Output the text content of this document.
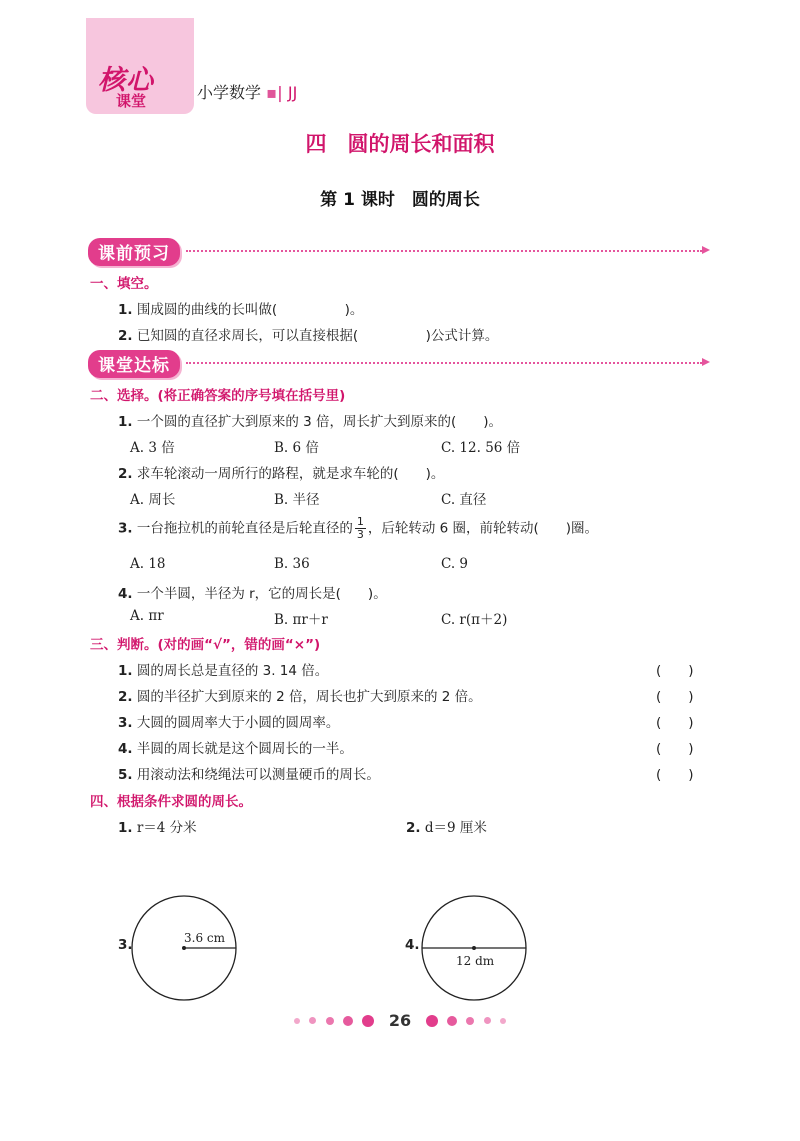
核心
课堂	小学数学 ▪| JJ
四　圆的周长和面积
第 1 课时　圆的周长
课前预习
一、填空。
1. 围成圆的曲线的长叫做(　　　　　)。
2. 已知圆的直径求周长，可以直接根据(　　　　　)公式计算。
课堂达标
二、选择。(将正确答案的序号填在括号里)
1. 一个圆的直径扩大到原来的 3 倍，周长扩大到原来的(　　)。
A. 3 倍	B. 6 倍	C. 12. 56 倍
2. 求车轮滚动一周所行的路程，就是求车轮的(　　)。
A. 周长	B. 半径	C. 直径
3. 一台拖拉机的前轮直径是后轮直径的 $\frac{1}{3}$ ，后轮转动 6 圈，前轮转动(　　)圈。
A. 18	B. 36	C. 9
4. 一个半圆，半径为 r，它的周长是(　　)。
A. πr	B. πr＋r	C. r(π＋2)
三、判断。(对的画“√”，错的画“×”)
1. 圆的周长总是直径的 3. 14 倍。	(　　)
2. 圆的半径扩大到原来的 2 倍，周长也扩大到原来的 2 倍。	(　　)
3. 大圆的圆周率大于小圆的圆周率。	(　　)
4. 半圆的周长就是这个圆周长的一半。	(　　)
5. 用滚动法和绕绳法可以测量硬币的周长。	(　　)
四、根据条件求圆的周长。
1. r＝4 分米	2. d＝9 厘米
3.	3.6 cm	4.
12 dm
26
